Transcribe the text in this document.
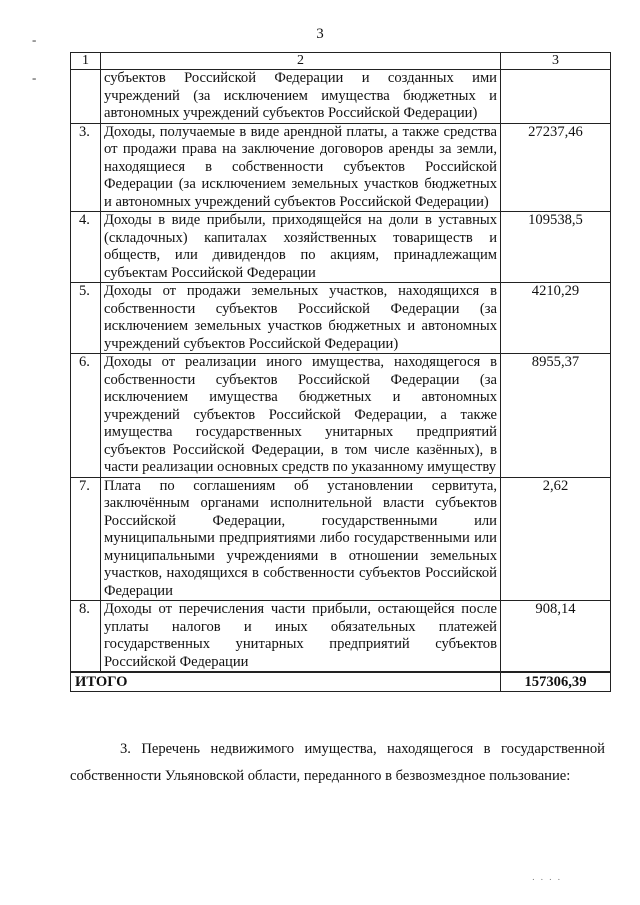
3
-
-
1	2	3
	субъектов Российской Федерации и созданных ими учреждений (за исключением имущества бюджетных и автономных учреждений субъектов Российской Федерации)	
3.	Доходы, получаемые в виде арендной платы, а также средства от продажи права на заключение договоров аренды за земли, находящиеся в собственности субъектов Российской Федерации (за исключением земельных участков бюджетных и автономных учреждений субъектов Российской Федерации)	27237,46
4.	Доходы в виде прибыли, приходящейся на доли в уставных (складочных) капиталах хозяйственных товариществ и обществ, или дивидендов по акциям, принадлежащим субъектам Российской Федерации	109538,5
5.	Доходы от продажи земельных участков, находящихся в собственности субъектов Российской Федерации (за исключением земельных участков бюджетных и автономных учреждений субъектов Российской Федерации)	4210,29
6.	Доходы от реализации иного имущества, находящегося в собственности субъектов Российской Федерации (за исключением имущества бюджетных и автономных учреждений субъектов Российской Федерации, а также имущества государственных унитарных предприятий субъектов Российской Федерации, в том числе казённых), в части реализации основных средств по указанному имуществу	8955,37
7.	Плата по соглашениям об установлении сервитута, заключённым органами исполнительной власти субъектов Российской Федерации, государственными или муниципальными предприятиями либо государственными или муниципальными учреждениями в отношении земельных участков, находящихся в собственности субъектов Российской Федерации	2,62
8.	Доходы от перечисления части прибыли, остающейся после уплаты налогов и иных обязательных платежей государственных унитарных предприятий субъектов Российской Федерации	908,14

ИТОГО		157306,39
3. Перечень недвижимого имущества, находящегося в государственной собственности Ульяновской области, переданного в безвозмездное пользование:
. . . .
